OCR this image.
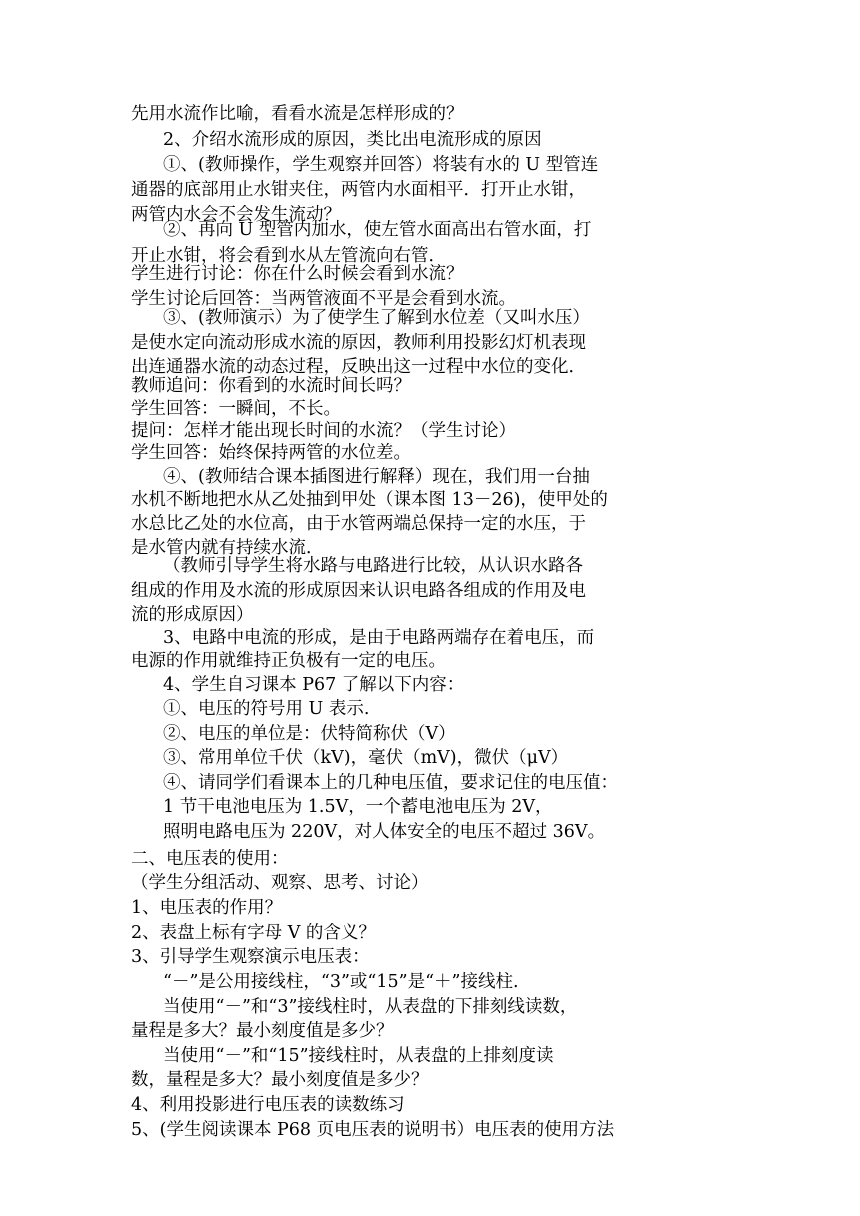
先用水流作比喻，看看水流是怎样形成的？
2、介绍水流形成的原因，类比出电流形成的原因
①、(教师操作，学生观察并回答）将装有水的 U 型管连
通器的底部用止水钳夹住，两管内水面相平．打开止水钳，
两管内水会不会发生流动？
②、再向 U 型管内加水，使左管水面高出右管水面，打
开止水钳，将会看到水从左管流向右管．
学生进行讨论：你在什么时候会看到水流？
学生讨论后回答：当两管液面不平是会看到水流。
③、(教师演示）为了使学生了解到水位差（又叫水压）
是使水定向流动形成水流的原因，教师利用投影幻灯机表现
出连通器水流的动态过程，反映出这一过程中水位的变化．
教师追问：你看到的水流时间长吗？
学生回答：一瞬间，不长。
提问：怎样才能出现长时间的水流？（学生讨论）
学生回答：始终保持两管的水位差。
④、(教师结合课本插图进行解释）现在，我们用一台抽
水机不断地把水从乙处抽到甲处（课本图 13－26)，使甲处的
水总比乙处的水位高，由于水管两端总保持一定的水压，于
是水管内就有持续水流．
（教师引导学生将水路与电路进行比较，从认识水路各
组成的作用及水流的形成原因来认识电路各组成的作用及电
流的形成原因）
3、电路中电流的形成，是由于电路两端存在着电压，而
电源的作用就维持正负极有一定的电压。
4、学生自习课本 P67 了解以下内容：
①、电压的符号用 U 表示.
②、电压的单位是：伏特简称伏（V）
③、常用单位千伏（kV)，毫伏（mV)，微伏（μV）
④、请同学们看课本上的几种电压值，要求记住的电压值：
1 节干电池电压为 1.5V，一个蓄电池电压为 2V，
照明电路电压为 220V，对人体安全的电压不超过 36V。
二、电压表的使用：
（学生分组活动、观察、思考、讨论）
1、电压表的作用？
2、表盘上标有字母 V 的含义？
3、引导学生观察演示电压表：
“－”是公用接线柱，“3”或“15”是“＋”接线柱.
当使用“－”和“3”接线柱时，从表盘的下排刻线读数，
量程是多大？最小刻度值是多少？
当使用“－”和“15”接线柱时，从表盘的上排刻度读
数，量程是多大？最小刻度值是多少？
4、利用投影进行电压表的读数练习
5、(学生阅读课本 P68 页电压表的说明书）电压表的使用方法
